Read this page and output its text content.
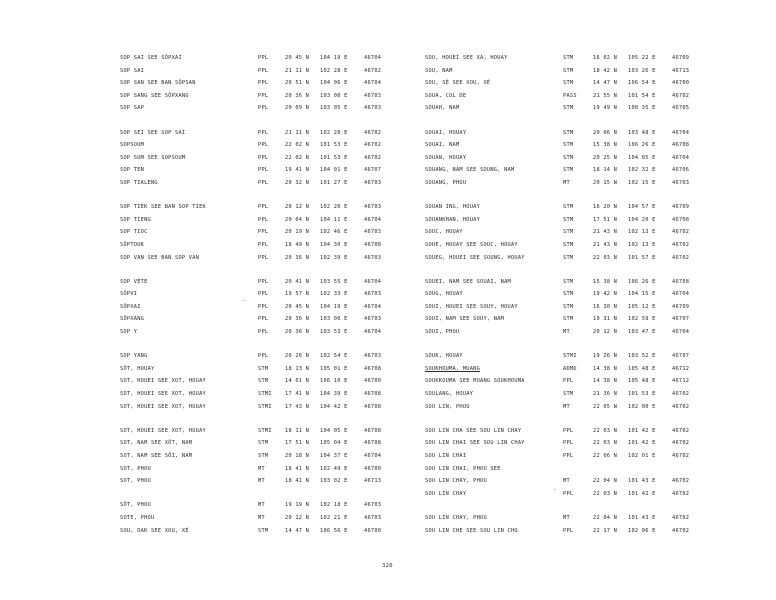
SOP SAI SEE SÔPXAI	PPL	20 45 N 104 19 E	46704
SOP SAI	PPL	21 11 N 102 28 E	46702
SOP SAN SEE BAN SÔPSAN	PPL	20 51 N 104 06 E	46704
SOP SANG SEE SÔPXANG	PPL	20 36 N 103 00 E	46703
SOP SAP	PPL	20 09 N 103 05 E	46703
SOP SEI SEE SOP SAI	PPL	21 11 N 102 28 E	46702
SOPSOUM	PPL	22 02 N 101 53 E	46702
SOP SUM SEE SOPSOUM	PPL	22 02 N 101 53 E	46702
SOP TEN	PPL	19 41 N 104 01 E	46707
SOP TIALENG	PPL	20 32 N 101 27 E	46703
SOP TIEK SEE BAN SOP TIEK	PPL	20 12 N 102 20 E	46703
SOP TIENG	PPL	20 04 N 104 11 E	46704
SOP TIOC	PPL	20 19 N 102 46 E	46703
SÔPTOUK	PPL	18 49 N 104 30 E	46708
SOP VAN SEE BAN SOP VAN	PPL	20 36 N 102 39 E	46703
SOP VÈTE	PPL	20 41 N 103 55 E	46704
SÔPVI	PPL	19 57 N 102 33 E	46703
SÔPXAI	PPL	20 45 N 104 19 E	46704
SÔPXANG	PPL	20 36 N 103 00 E	46703
SOP Y	PPL	20 36 N 103 53 E	46704
SOP YANG	PPL	20 26 N 102 54 E	46703
SÔT, HOUAY	STM	18 13 N 105 01 E	46708
SOT, HOUEI SEE XOT, HOUAY	STM	14 01 N 106 10 E	46700
SOT, HOUEI SEE XOT, HOUAY	STMI 17 41 N 104 39 E	46708
SOT, HOUEI SEE XOT, HOUAY	STMI 17 43 N 104 42 E	46708
SOT, HOUEI SEE XOT, HOUAY	STMI 18 11 N 104 05 E	46708
SOT, NAM SEE XÔT, NAM	STM	17 51 N 105 04 E	46708
SOT, NAM SEE SÔI, NAM	STM	20 18 N 104 37 E	46704
SOT, PHOU	MT	18 41 N 102 49 E	46700
SOT, PHOU	MT	18 41 N 103 02 E	46713
SÔT, PHOU	MT	19 19 N 102 18 E	46703
SOTE, PHOU	MT	20 12 N 102 21 E	46703
SOU, DAK SEE XOU, XÉ	STM	14 47 N 106 56 E	46700
SOU, HOUEI SEE XA, HOUAY	STM	16 02 N 105 22 E	46709
SOU, NAM	STM	18 42 N 103 26 E	46713
SOU, SÉ SEE XOU, XÉ	STM	14 47 N 106 54 E	46700
SOUA, COL DE	PASS	21 55 N 101 54 E	46702
SOUAH, NAM	STM	19 49 N 100 35 E	46705
SOUAI, HOUAY	STM	20 06 N 103 48 E	46704
SOUAI, NAM	STM	15 38 N 106 26 E	46708
SOUAN, HOUAY	STM	20 25 N 104 05 E	46704
SOUANG, NAM SEE SOUNG, NAM	STM	18 14 N 102 32 E	46706
SOUANG, PHOU	MT	20 15 N 102 15 E	46703
SOUAN ING, HOUAY	STM	16 20 N 104 57 E	46709
SOUANKHAN, HOUAY	STM	17 51 N 104 20 E	46708
SOUC, HOUAY	STM	21 43 N 102 13 E	46702
SOUE, HOUAY SEE SOUC, HOUAY	STM	21 43 N 102 13 E	46702
SOUEG, HOUEI SEE SOUNG, HOUAY	STM	22 03 N 101 57 E	46702
SOUEI, NAM SEE SOUAI, NAM	STM	15 38 N 106 26 E	46708
SOUG, HOUAY	STM	19 42 N 104 15 E	46704
SOUI, HOUEI SEE SOUY, HOUAY	STM	16 30 N 105 12 E	46709
SOUI, NAM SEE SOUY, NAM	STM	19 31 N 102 59 E	46707
SOUI, PHOU	MT	20 12 N 103 47 E	46704
SOUK, HOUAY	STMI	19 26 N 103 52 E	46707
SOUKHOUMA, MUANG	ADMD	14 38 N 105 48 E	46712
SOUKKOUMA SEE MUANG SOUKHOUMA	PPL	14 38 N 105 48 E	46712
SOULANG, HOUAY	STM	21 36 N 101 53 E	46702
SOU LIN, PHOU	MT	22 05 N 102 00 E	46702
SOU LIN CHA SEE SOU LIN CHAY	PPL	22 03 N 101 42 E	46702
SOU LIN CHAI SEE SOU LIN CHAY	PPL	22 03 N 101 42 E	46702
SOU LIN CHAI	PPL	22 06 N 102 01 E	46702
SOU LIN CHAI, PHOU SEE
SOU LIN CHAY, PHOU	MT	22 04 N 101 43 E	46702
SOU LIN CHAY	PPL	22 03 N 101 42 E	46702
SOU LIN CHAY, PHOU	MT	22 04 N 101 43 E	46702
SOU LIN CHE SEE SOU LIN CHO	PPL	22 17 N 102 06 E	46702
320
